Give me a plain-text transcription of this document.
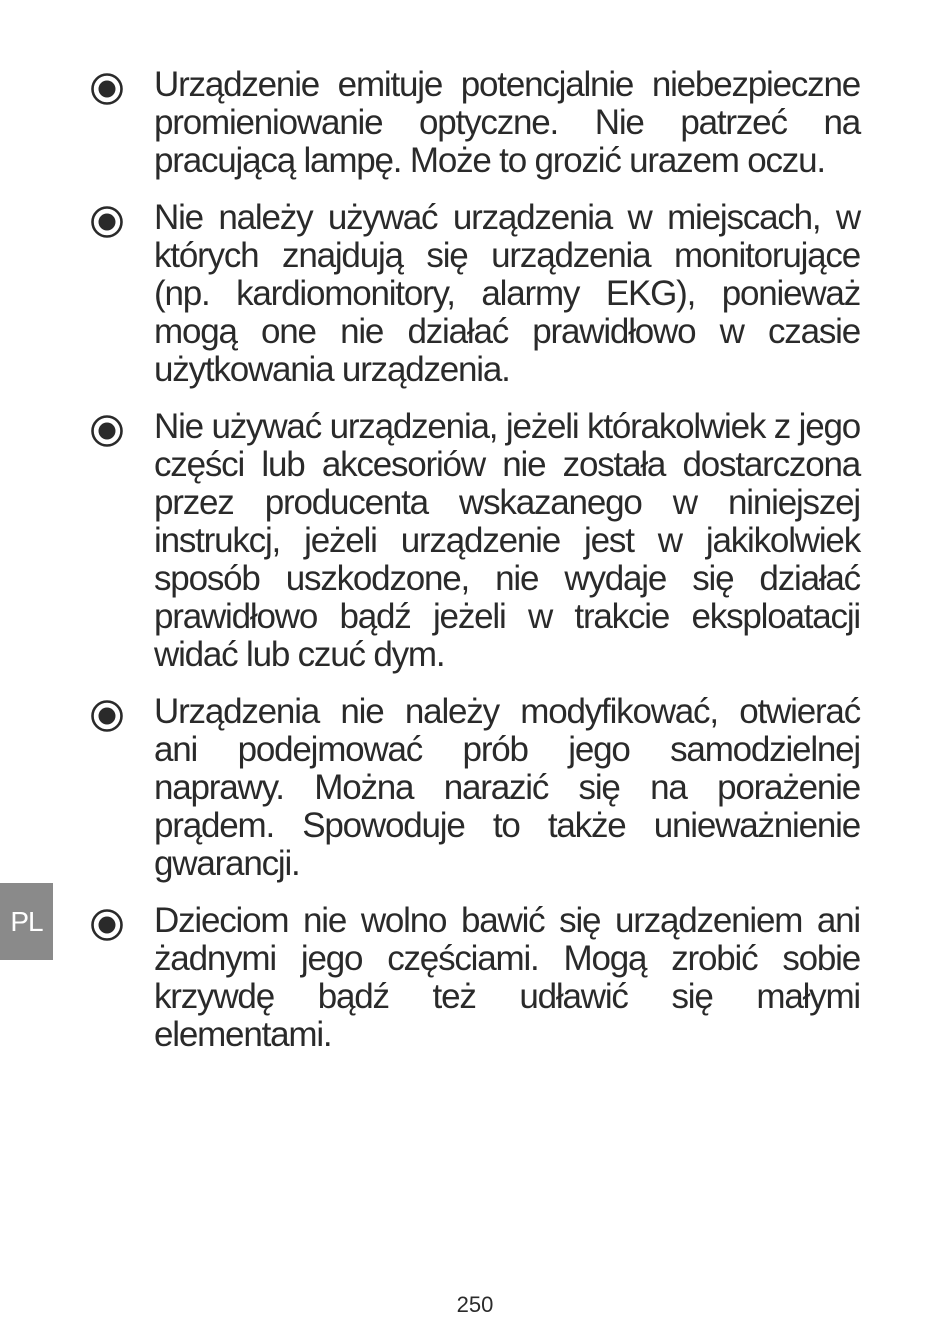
Urządzenie emituje potencjalnie niebezpieczne promieniowanie optyczne. Nie patrzeć na pracującą lampę. Może to grozić urazem oczu.
Nie należy używać urządzenia w miejscach, w których znajdują się urządzenia monitorujące (np. kardiomonitory, alarmy EKG), ponieważ mogą one nie działać prawidłowo w czasie użytkowania urządzenia.
Nie używać urządzenia, jeżeli którakolwiek z jego części lub akcesoriów nie została dostarczona przez producenta wskazanego w niniejszej instrukcj, jeżeli urządzenie jest w jakikolwiek sposób uszkodzone, nie wydaje się działać prawidłowo bądź jeżeli w trakcie eksploatacji widać lub czuć dym.
Urządzenia nie należy modyfikować, otwierać ani podejmować prób jego samodzielnej naprawy. Można narazić się na porażenie prądem. Spowoduje to także unieważnienie gwarancji.
Dzieciom nie wolno bawić się urządzeniem ani żadnymi jego częściami. Mogą zrobić sobie krzywdę bądź też udławić się małymi elementami.
PL
250
